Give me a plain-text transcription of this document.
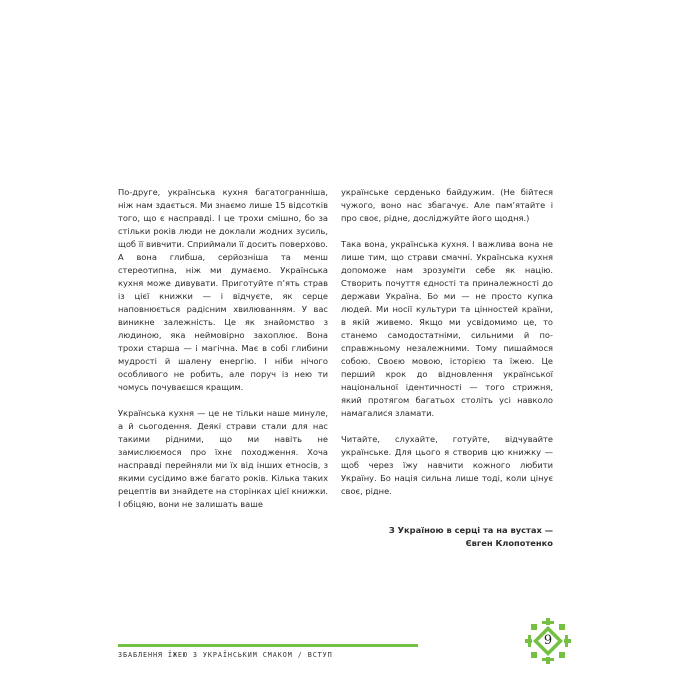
По-друге, українська кухня багатогранніша, ніж нам здається. Ми знаємо лише 15 відсотків того, що є насправді. І це трохи смішно, бо за стільки років люди не доклали жодних зусиль, щоб її вивчити. Сприймали її досить поверхово. А вона глибша, серйозніша та менш стереотипна, ніж ми думаємо. Українська кухня може дивувати. Приготуйте п’ять страв із цієї книжки — і відчуєте, як серце наповнюється радісним хвилюванням. У вас виникне залежність. Це як знайомство з людиною, яка неймовірно захоплює. Вона трохи старша — і магічна. Має в собі глибини мудрості й шалену енергію. І ніби нічого особливого не робить, але поруч із нею ти чомусь почуваєшся кращим.

Українська кухня — це не тільки наше минуле, а й сьогодення. Деякі страви стали для нас такими рідними, що ми навіть не замислюємося про їхнє походження. Хоча насправді перейняли ми їх від інших етносів, з якими сусідимо вже багато років. Кілька таких рецептів ви знайдете на сторінках цієї книжки. І обіцяю, вони не залишать ваше

українське серденько байдужим. (Не бійтеся чужого, воно нас збагачує. Але пам’ятайте і про своє, рідне, досліджуйте його щодня.)

Така вона, українська кухня. І важлива вона не лише тим, що страви смачні. Українська кухня допоможе нам зрозуміти себе як націю. Створить почуття єдності та приналежності до держави Україна. Бо ми — не просто купка людей. Ми носії культури та цінностей країни, в якій живемо. Якщо ми усвідомимо це, то станемо самодостатніми, сильними й по-справжньому незалежними. Тому пишаймося собою. Своєю мовою, історією та їжею. Це перший крок до відновлення української національної ідентичності — того стрижня, який протягом багатьох століть усі навколо намагалися зламати.

Читайте, слухайте, готуйте, відчувайте українське. Для цього я створив цю книжку — щоб через їжу навчити кожного любити Україну. Бо нація сильна лише тоді, коли цінує своє, рідне.

З Україною в серці та на вустах —
Євген Клопотенко
ЗБАБЛЕННЯ ЇЖЕЮ З УКРАЇНСЬКИМ СМАКОМ / ВСТУП
9
